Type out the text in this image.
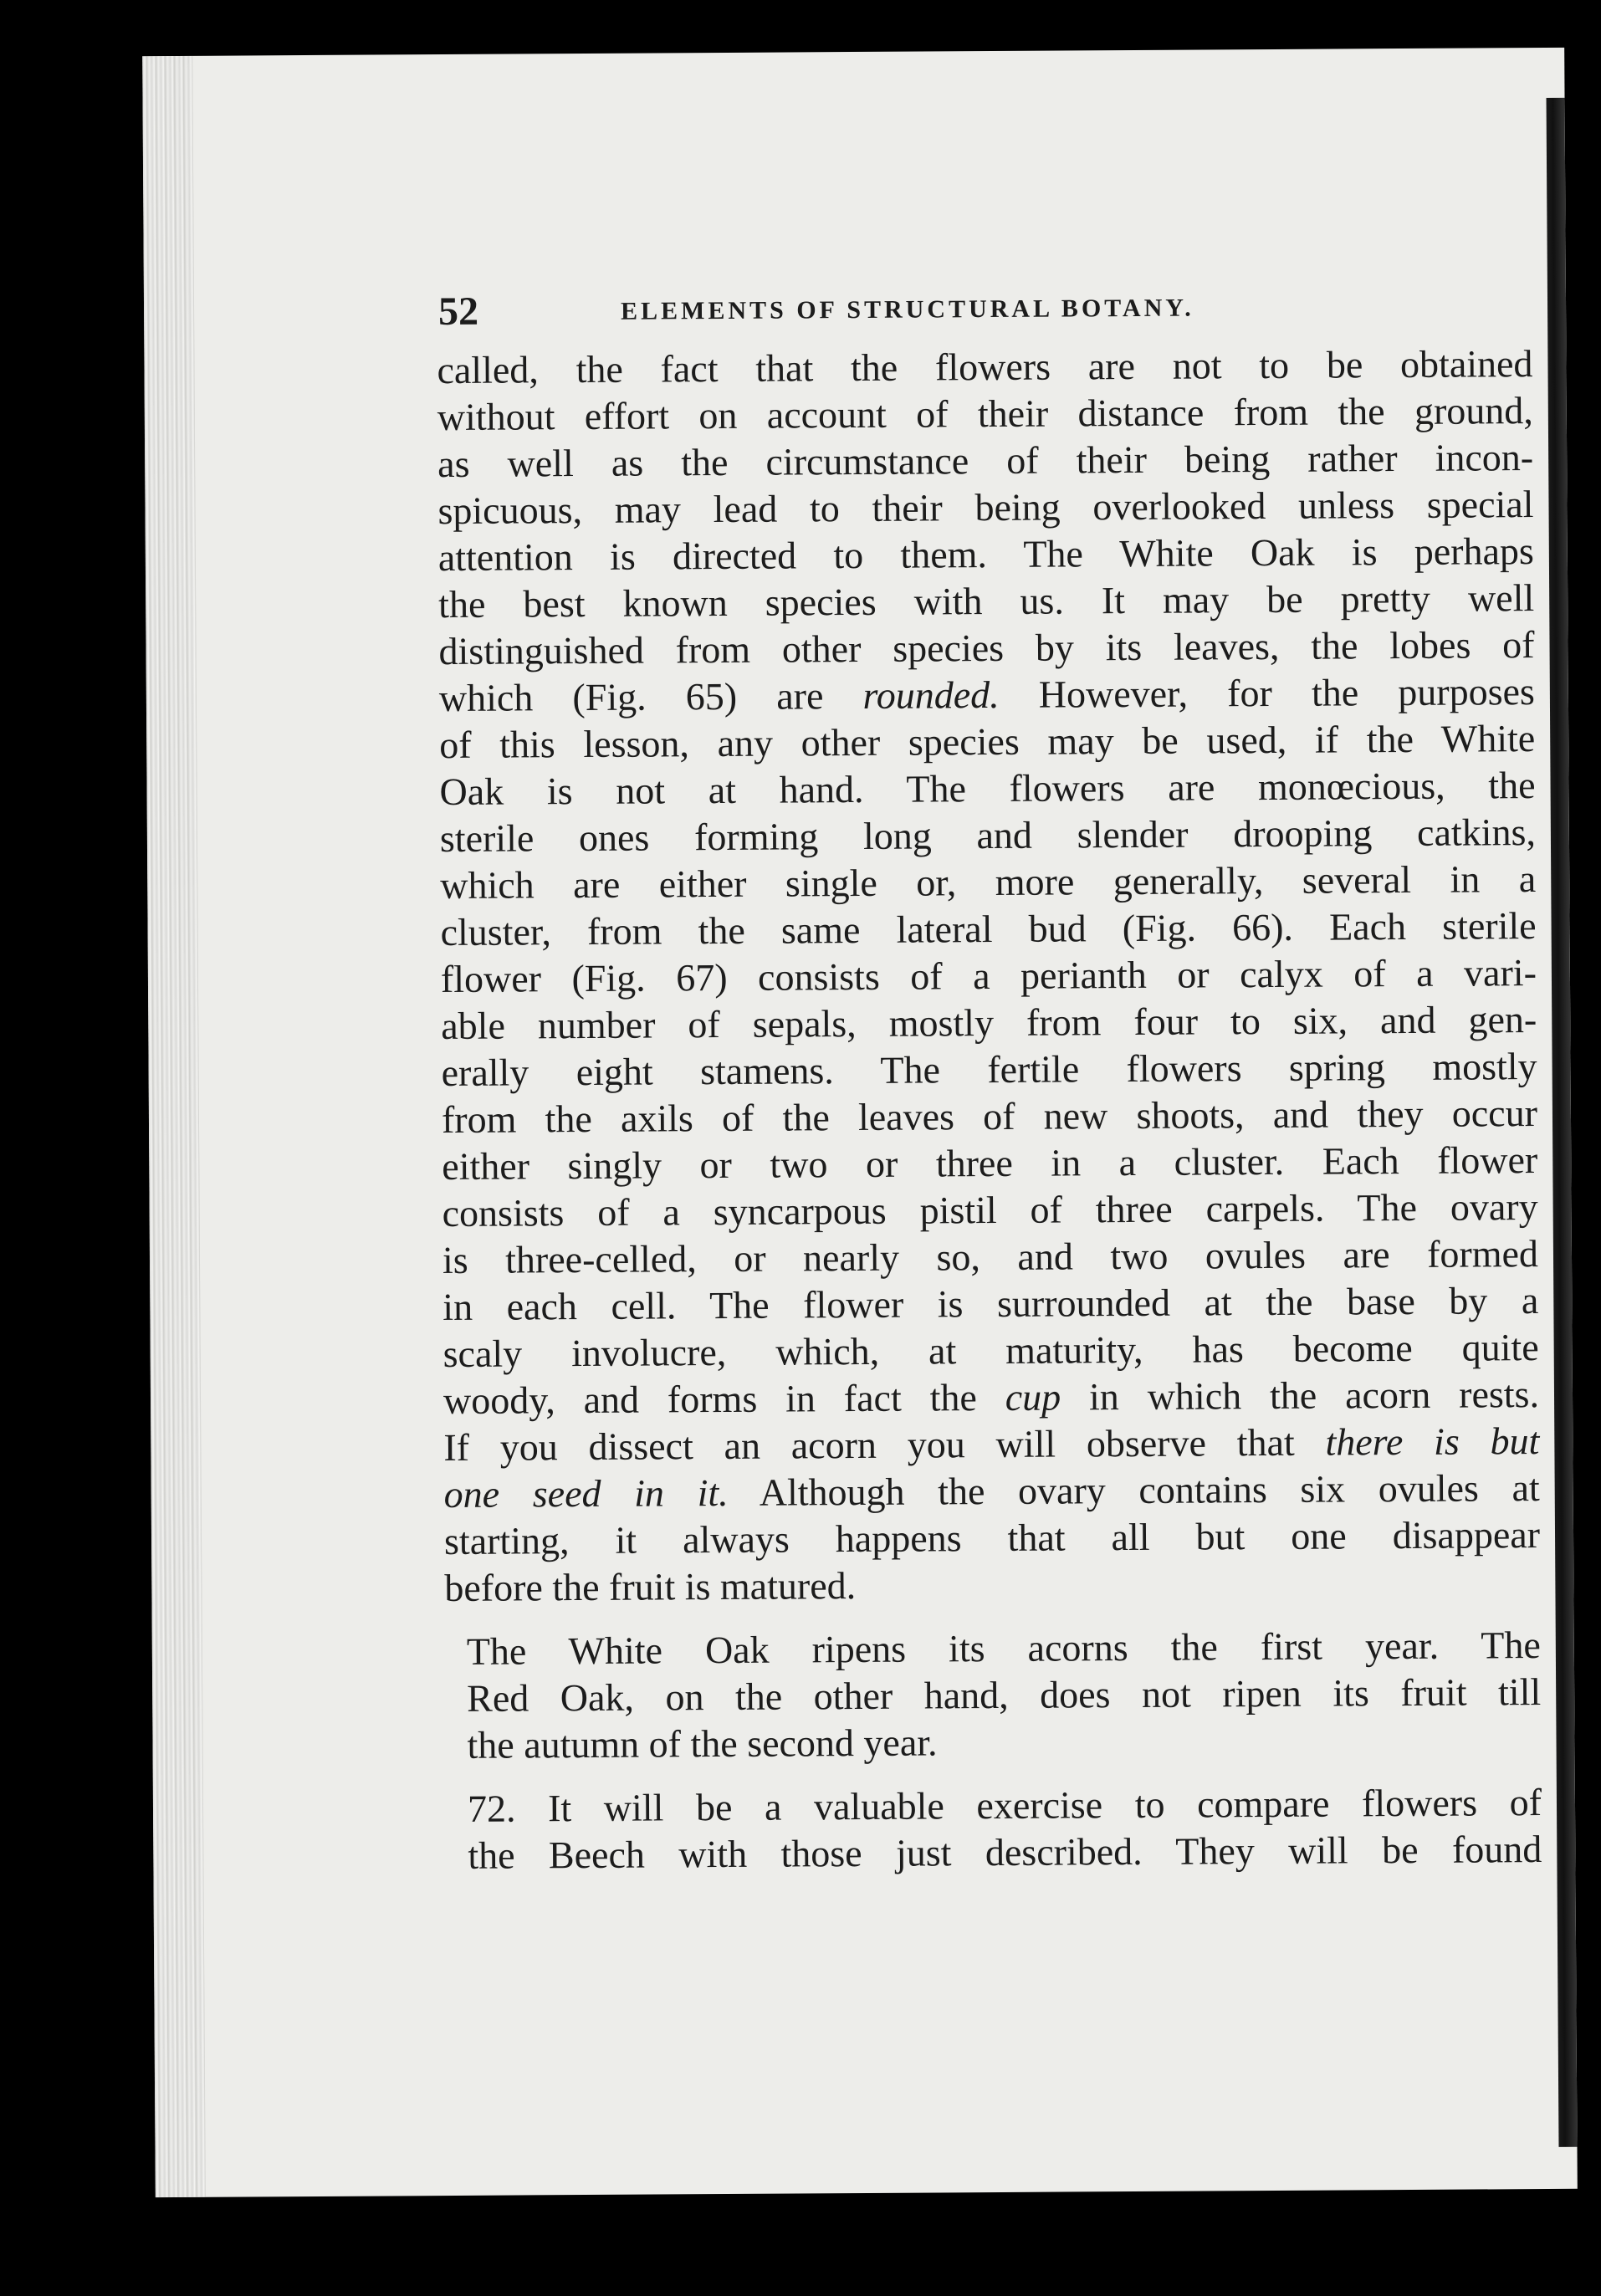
52	ELEMENTS OF STRUCTURAL BOTANY.

called, the fact that the flowers are not to be obtained
without effort on account of their distance from the ground,
as well as the circumstance of their being rather incon-
spicuous, may lead to their being overlooked unless special
attention is directed to them. The White Oak is perhaps
the best known species with us. It may be pretty well
distinguished from other species by its leaves, the lobes of
which (Fig. 65) are rounded. However, for the purposes
of this lesson, any other species may be used, if the White
Oak is not at hand. The flowers are monœcious, the
sterile ones forming long and slender drooping catkins,
which are either single or, more generally, several in a
cluster, from the same lateral bud (Fig. 66). Each sterile
flower (Fig. 67) consists of a perianth or calyx of a vari-
able number of sepals, mostly from four to six, and gen-
erally eight stamens. The fertile flowers spring mostly
from the axils of the leaves of new shoots, and they occur
either singly or two or three in a cluster. Each flower
consists of a syncarpous pistil of three carpels. The ovary
is three-celled, or nearly so, and two ovules are formed
in each cell. The flower is surrounded at the base by a
scaly involucre, which, at maturity, has become quite
woody, and forms in fact the cup in which the acorn rests.
If you dissect an acorn you will observe that there is but
one seed in it. Although the ovary contains six ovules at
starting, it always happens that all but one disappear
before the fruit is matured.

The White Oak ripens its acorns the first year. The
Red Oak, on the other hand, does not ripen its fruit till
the autumn of the second year.

72. It will be a valuable exercise to compare flowers of
the Beech with those just described. They will be found
